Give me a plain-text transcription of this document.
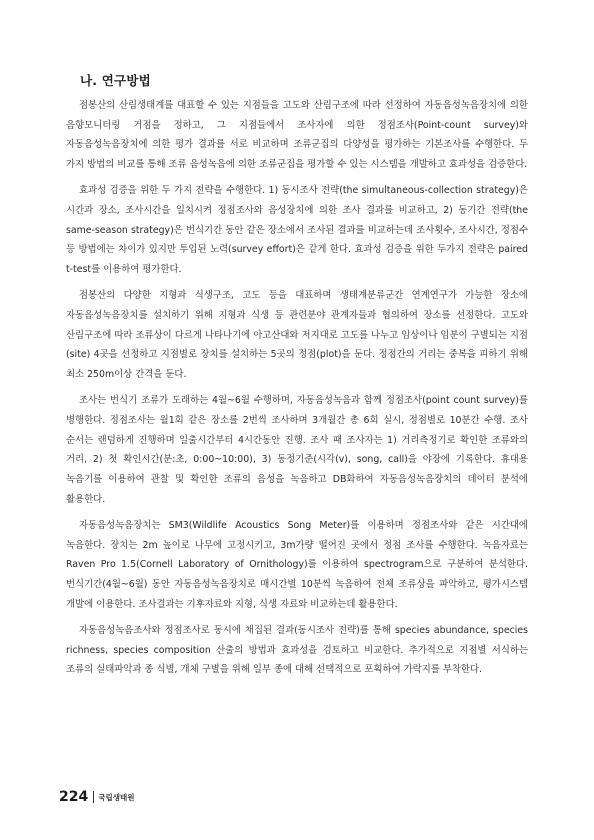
나. 연구방법

점봉산의 산림생태계를 대표할 수 있는 지점들을 고도와 산림구조에 따라 선정하여 자동음성녹음장치에 의한 음향모니터링 거점을 정하고, 그 지점들에서 조사자에 의한 정점조사(Point-count survey)와 자동음성녹음장치에 의한 평가 결과를 서로 비교하며 조류군집의 다양성을 평가하는 기본조사를 수행한다. 두 가지 방법의 비교를 통해 조류 음성녹음에 의한 조류군집을 평가할 수 있는 시스템을 개발하고 효과성을 검증한다.

효과성 검증을 위한 두 가지 전략을 수행한다. 1) 동시조사 전략(the simultaneous-collection strategy)은 시간과 장소, 조사시간을 일치시켜 정점조사와 음성장치에 의한 조사 결과를 비교하고, 2) 동기간 전략(the same-season strategy)은 번식기간 동안 같은 장소에서 조사된 결과를 비교하는데 조사횟수, 조사시간, 정점수 등 방법에는 차이가 있지만 투입된 노력(survey effort)은 같게 한다. 효과성 검증을 위한 두가지 전략은 paired t-test를 이용하여 평가한다.

점봉산의 다양한 지형과 식생구조, 고도 등을 대표하며 생태계분류군간 연계연구가 가능한 장소에 자동음성녹음장치를 설치하기 위해 지형과 식생 등 관련분야 관계자들과 협의하여 장소를 선정한다. 고도와 산림구조에 따라 조류상이 다르게 나타나기에 아고산대와 저지대로 고도를 나누고 임상이나 임분이 구별되는 지점(site) 4곳을 선정하고 지점별로 장치를 설치하는 5곳의 정점(plot)을 둔다. 정점간의 거리는 중복을 피하기 위해 최소 250m이상 간격을 둔다.

조사는 번식기 조류가 도래하는 4월~6월 수행하며, 자동음성녹음과 함께 정점조사(point count survey)를 병행한다. 정점조사는 월1회 같은 장소를 2번씩 조사하며 3개월간 총 6회 실시, 정점별로 10분간 수행. 조사 순서는 랜덤하게 진행하며 일출시간부터 4시간동안 진행. 조사 때 조사자는 1) 거리측정기로 확인한 조류와의 거리, 2) 첫 확인시간(분:초, 0:00~10:00), 3) 동정기준(시각(v), song, call)을 야장에 기록한다. 휴대용 녹음기를 이용하여 관찰 및 확인한 조류의 음성을 녹음하고 DB화하여 자동음성녹음장치의 데이터 분석에 활용한다.

자동음성녹음장치는 SM3(Wildlife Acoustics Song Meter)를 이용하며 정점조사와 같은 시간대에 녹음한다. 장치는 2m 높이로 나무에 고정시키고, 3m가량 떨어진 곳에서 정점 조사를 수행한다. 녹음자료는 Raven Pro 1.5(Cornell Laboratory of Ornithology)를 이용하여 spectrogram으로 구분하여 분석한다. 번식기간(4월~6월) 동안 자동음성녹음장치로 매시간별 10분씩 녹음하여 전체 조류상을 파악하고, 평가시스템 개발에 이용한다. 조사결과는 기후자료와 지형, 식생 자료와 비교하는데 활용한다.

자동음성녹음조사와 정점조사로 동시에 채집된 결과(동시조사 전략)를 통해 species abundance, species richness, species composition 산출의 방법과 효과성을 검토하고 비교한다. 추가적으로 지점별 서식하는 조류의 실태파악과 종 식별, 개체 구별을 위해 일부 종에 대해 선택적으로 포획하여 가락지를 부착한다.

224 국립생태원
